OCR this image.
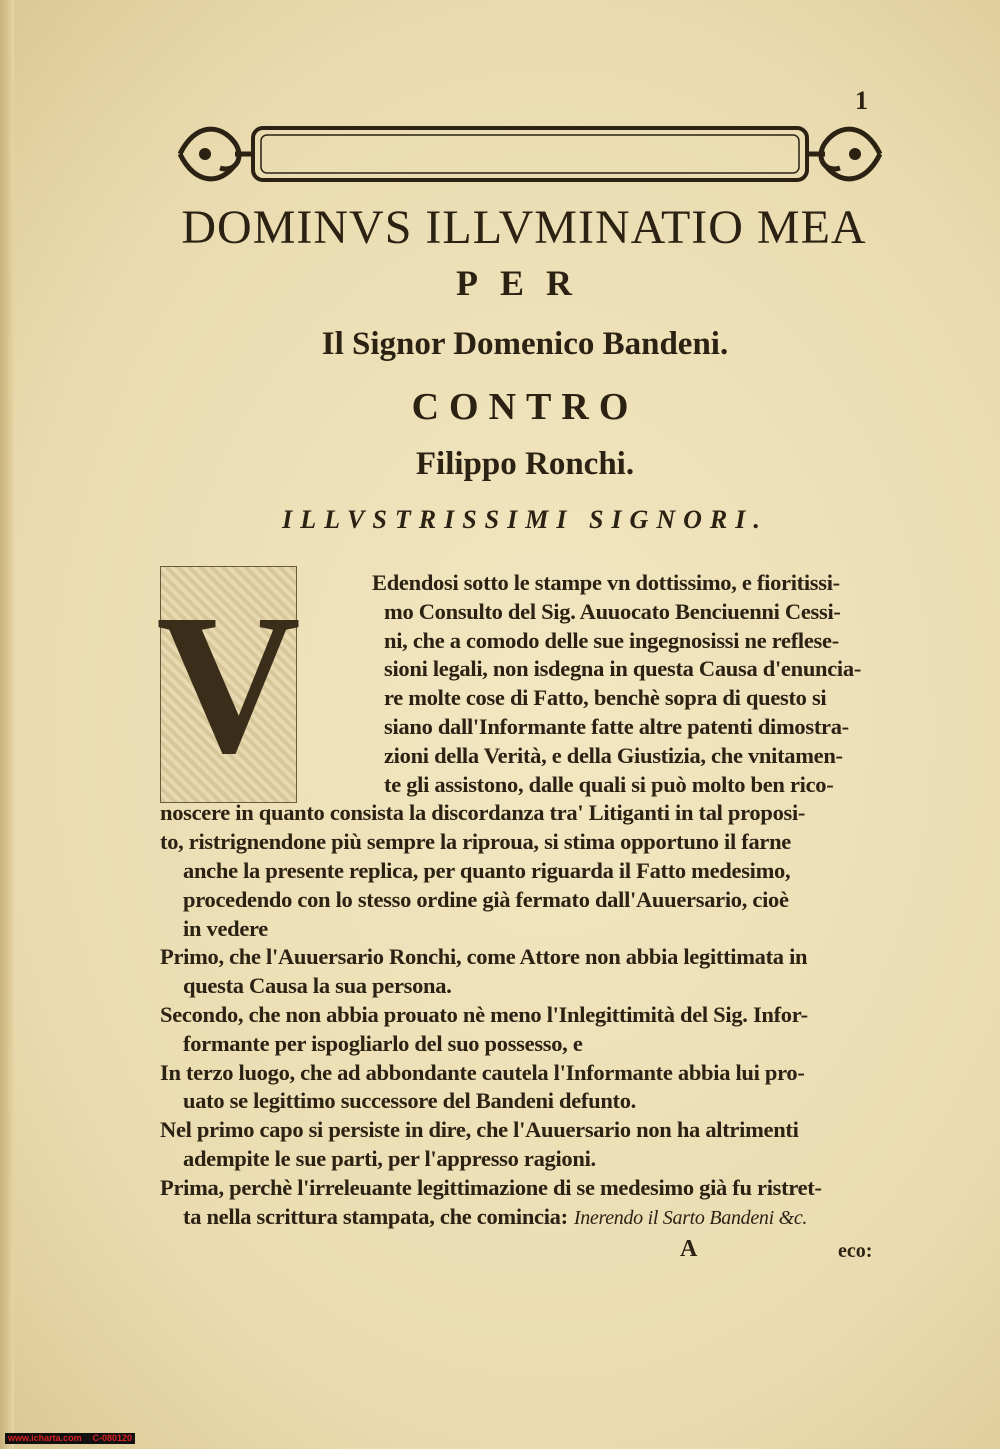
1
DOMINVS ILLVMINATIO MEA
PER
Il Signor Domenico Bandeni.
CONTRO
Filippo Ronchi.
ILLVSTRISSIMI SIGNORI.
V	Edendosi sotto le stampe vn dottissimo, e fioritissi-
mo Consulto del Sig. Auuocato Benciuenni Cessi-
ni, che a comodo delle sue ingegnosissi ne reflese-
sioni legali, non isdegna in questa Causa d'enuncia-
re molte cose di Fatto, benchè sopra di questo si
siano dall'Informante fatte altre patenti dimostra-
zioni della Verità, e della Giustizia, che vnitamen-
te gli assistono, dalle quali si può molto ben rico-
noscere in quanto consista la discordanza tra' Litiganti in tal proposi-
to, ristrignendone più sempre la riproua, si stima opportuno il farne
anche la presente replica, per quanto riguarda il Fatto medesimo,
procedendo con lo stesso ordine già fermato dall'Auuersario, cioè
in vedere
Primo, che l'Auuersario Ronchi, come Attore non abbia legittimata in
questa Causa la sua persona.
Secondo, che non abbia prouato nè meno l'Inlegittimità del Sig. Infor-
formante per ispogliarlo del suo possesso, e
In terzo luogo, che ad abbondante cautela l'Informante abbia lui pro-
uato se legittimo successore del Bandeni defunto.
Nel primo capo si persiste in dire, che l'Auuersario non ha altrimenti
adempite le sue parti, per l'appresso ragioni.
Prima, perchè l'irreleuante legittimazione di se medesimo già fu ristret-
ta nella scrittura stampata, che comincia: Inerendo il Sarto Bandeni &c.
A	eco:
www.icharta.com C-080120
